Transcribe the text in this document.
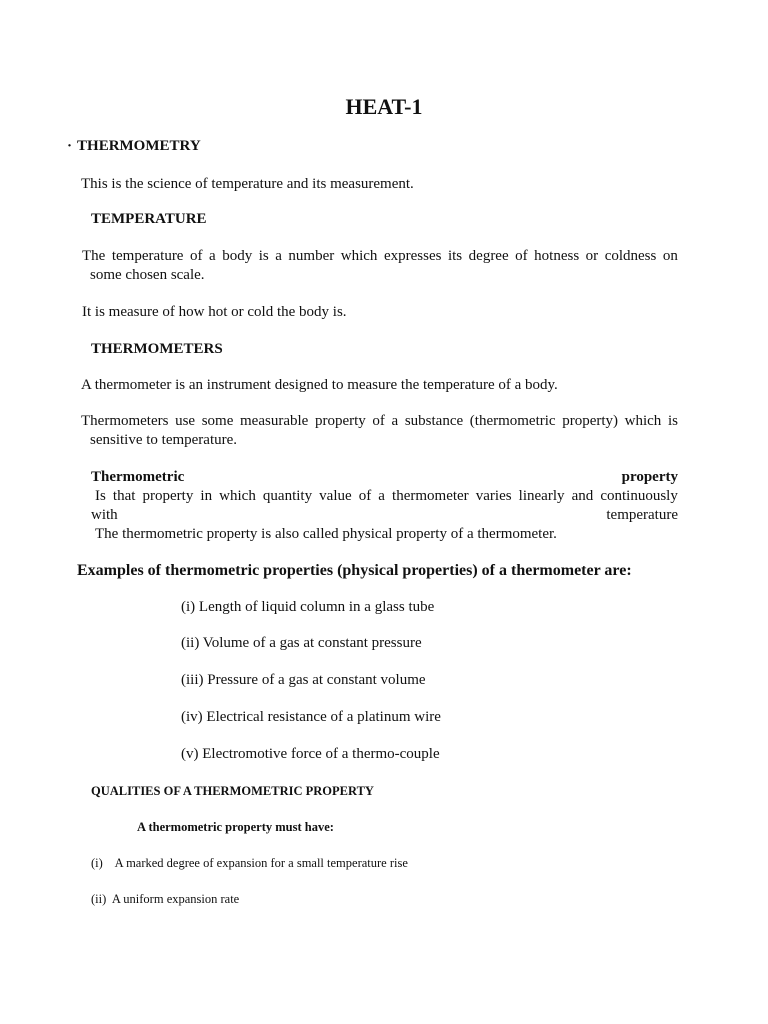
HEAT-1
· THERMOMETRY
This is the science of temperature and its measurement.
TEMPERATURE
The temperature of a body is a number which expresses its degree of hotness or coldness on
some chosen scale.
It is measure of how hot or cold the body is.
THERMOMETERS
A thermometer is an instrument designed to measure the temperature of a body.
Thermometers use some measurable property of a substance (thermometric property) which is
sensitive to temperature.
Thermometric	property
Is that property in which quantity value of a thermometer varies linearly and continuously
with	temperature
The thermometric property is also called physical property of a thermometer.
Examples of thermometric properties (physical properties) of a thermometer are:
(i) Length of liquid column in a glass tube
(ii) Volume of a gas at constant pressure
(iii) Pressure of a gas at constant volume
(iv) Electrical resistance of a platinum wire
(v) Electromotive force of a thermo-couple
QUALITIES OF A THERMOMETRIC PROPERTY
A thermometric property must have:
(i)    A marked degree of expansion for a small temperature rise
(ii)  A uniform expansion rate
